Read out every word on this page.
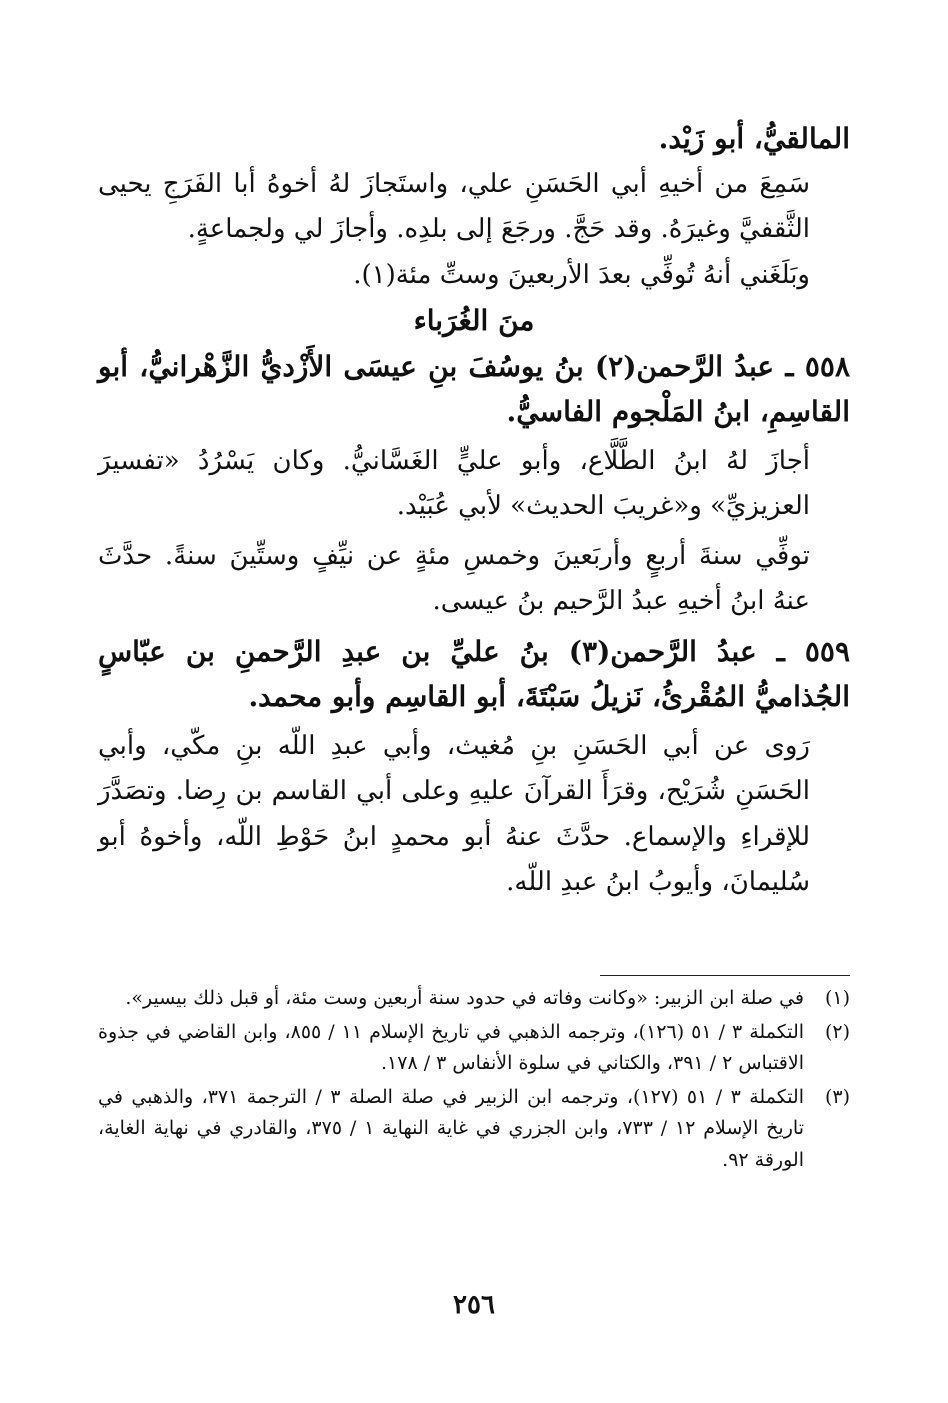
المالقيُّ، أبو زَيْد.

سَمِعَ من أخيهِ أبي الحَسَنِ علي، واستَجازَ لهُ أخوهُ أبا الفَرَجِ يحيى الثَّقفيَّ وغيرَهُ. وقد حَجَّ. ورجَعَ إلى بلدِه. وأجازَ لي ولجماعةٍ.

وبَلَغَني أنهُ تُوفِّي بعدَ الأربعينَ وستِّ مئة(١).

منَ الغُرَباء

٥٥٨ ـ عبدُ الرَّحمن(٢) بنُ يوسُفَ بنِ عيسَى الأَزْديُّ الزَّهْرانيُّ، أبو القاسِمِ، ابنُ المَلْجوم الفاسيُّ.

أجازَ لهُ ابنُ الطَّلَّاع، وأبو عليٍّ الغَسَّانيُّ. وكان يَسْرُدُ «تفسيرَ العزيزيِّ» و«غريبَ الحديث» لأبي عُبَيْد.

توفِّي سنةَ أربعٍ وأربَعينَ وخمسِ مئةٍ عن نيِّفٍ وستِّينَ سنةً. حدَّثَ عنهُ ابنُ أخيهِ عبدُ الرَّحيم بنُ عيسى.

٥٥٩ ـ عبدُ الرَّحمن(٣) بنُ عليِّ بن عبدِ الرَّحمنِ بن عبّاسٍ الجُذاميُّ المُقْرئُ، نَزيلُ سَبْتَةَ، أبو القاسِم وأبو محمد.

رَوى عن أبي الحَسَنِ بنِ مُغيث، وأبي عبدِ اللّه بنِ مكّي، وأبي الحَسَنِ شُرَيْح، وقرَأَ القرآنَ عليهِ وعلى أبي القاسم بن رِضا. وتصَدَّرَ للإقراءِ والإسماع. حدَّثَ عنهُ أبو محمدٍ ابنُ حَوْطِ اللّه، وأخوهُ أبو سُليمانَ، وأيوبُ ابنُ عبدِ اللّه.

(١)
في صلة ابن الزبير: «وكانت وفاته في حدود سنة أربعين وست مئة، أو قبل ذلك بيسير».
(٢)
التكملة ٣ / ٥١ (١٢٦)، وترجمه الذهبي في تاريخ الإسلام ١١ / ٨٥٥، وابن القاضي في جذوة الاقتباس ٢ / ٣٩١، والكتاني في سلوة الأنفاس ٣ / ١٧٨.
(٣)
التكملة ٣ / ٥١ (١٢٧)، وترجمه ابن الزبير في صلة الصلة ٣ / الترجمة ٣٧١، والذهبي في تاريخ الإسلام ١٢ / ٧٣٣، وابن الجزري في غاية النهاية ١ / ٣٧٥، والقادري في نهاية الغاية، الورقة ٩٢.
٢٥٦
